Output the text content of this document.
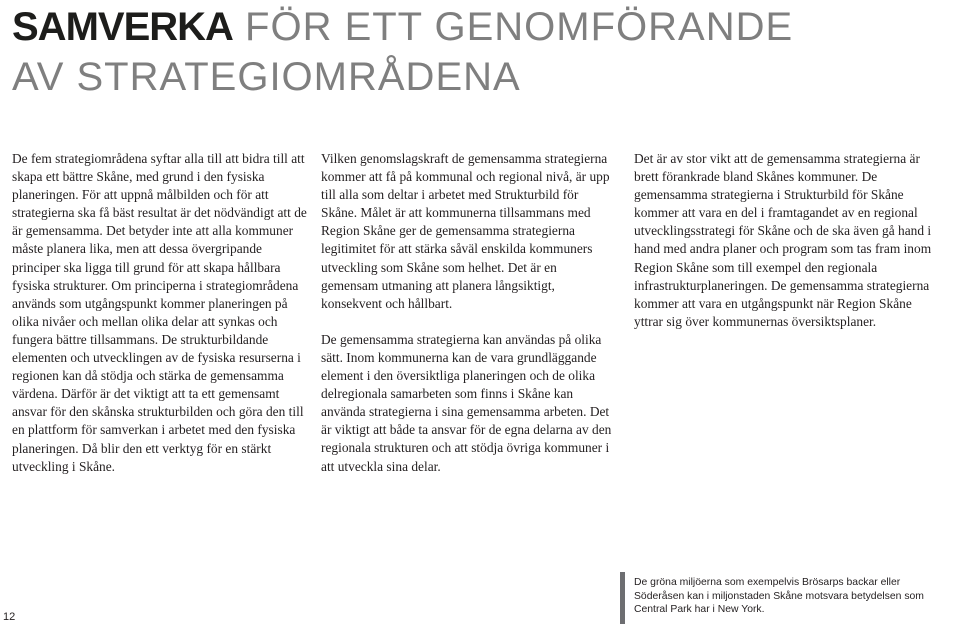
SAMVERKA FÖR ETT GENOMFÖRANDE
AV STRATEGIOMRÅDENA

De fem strategiområdena syftar alla till att bidra till att skapa ett bättre Skåne, med grund i den fysiska planeringen. För att uppnå målbilden och för att strategierna ska få bäst resultat är det nödvändigt att de är gemensamma. Det betyder inte att alla kommuner måste planera lika, men att dessa övergripande principer ska ligga till grund för att skapa hållbara fysiska strukturer. Om principerna i strategiområdena används som utgångspunkt kommer planeringen på olika nivåer och mellan olika delar att synkas och fungera bättre tillsammans. De strukturbildande elementen och utvecklingen av de fysiska resurserna i regionen kan då stödja och stärka de gemensamma värdena. Därför är det viktigt att ta ett gemensamt ansvar för den skånska strukturbilden och göra den till en plattform för samverkan i arbetet med den fysiska planeringen. Då blir den ett verktyg för en stärkt utveckling i Skåne.

Vilken genomslagskraft de gemensamma strategierna kommer att få på kommunal och regional nivå, är upp till alla som deltar i arbetet med Strukturbild för Skåne. Målet är att kommunerna tillsammans med Region Skåne ger de gemensamma strategierna legitimitet för att stärka såväl enskilda kommuners utveckling som Skåne som helhet. Det är en gemensam utmaning att planera långsiktigt, konsekvent och hållbart.

De gemensamma strategierna kan användas på olika sätt. Inom kommunerna kan de vara grundläggande element i den översiktliga planeringen och de olika delregionala samarbeten som finns i Skåne kan använda strategierna i sina gemensamma arbeten. Det är viktigt att både ta ansvar för de egna delarna av den regionala strukturen och att stödja övriga kommuner i att utveckla sina delar.

Det är av stor vikt att de gemensamma strategierna är brett förankrade bland Skånes kommuner. De gemensamma strategierna i Strukturbild för Skåne kommer att vara en del i framtagandet av en regional utvecklingsstrategi för Skåne och de ska även gå hand i hand med andra planer och program som tas fram inom Region Skåne som till exempel den regionala infrastrukturplaneringen. De gemensamma strategierna kommer att vara en utgångspunkt när Region Skåne yttrar sig över kommunernas översiktsplaner.

De gröna miljöerna som exempelvis Brösarps backar eller Söderåsen kan i miljonstaden Skåne motsvara betydelsen som Central Park har i New York.
12
